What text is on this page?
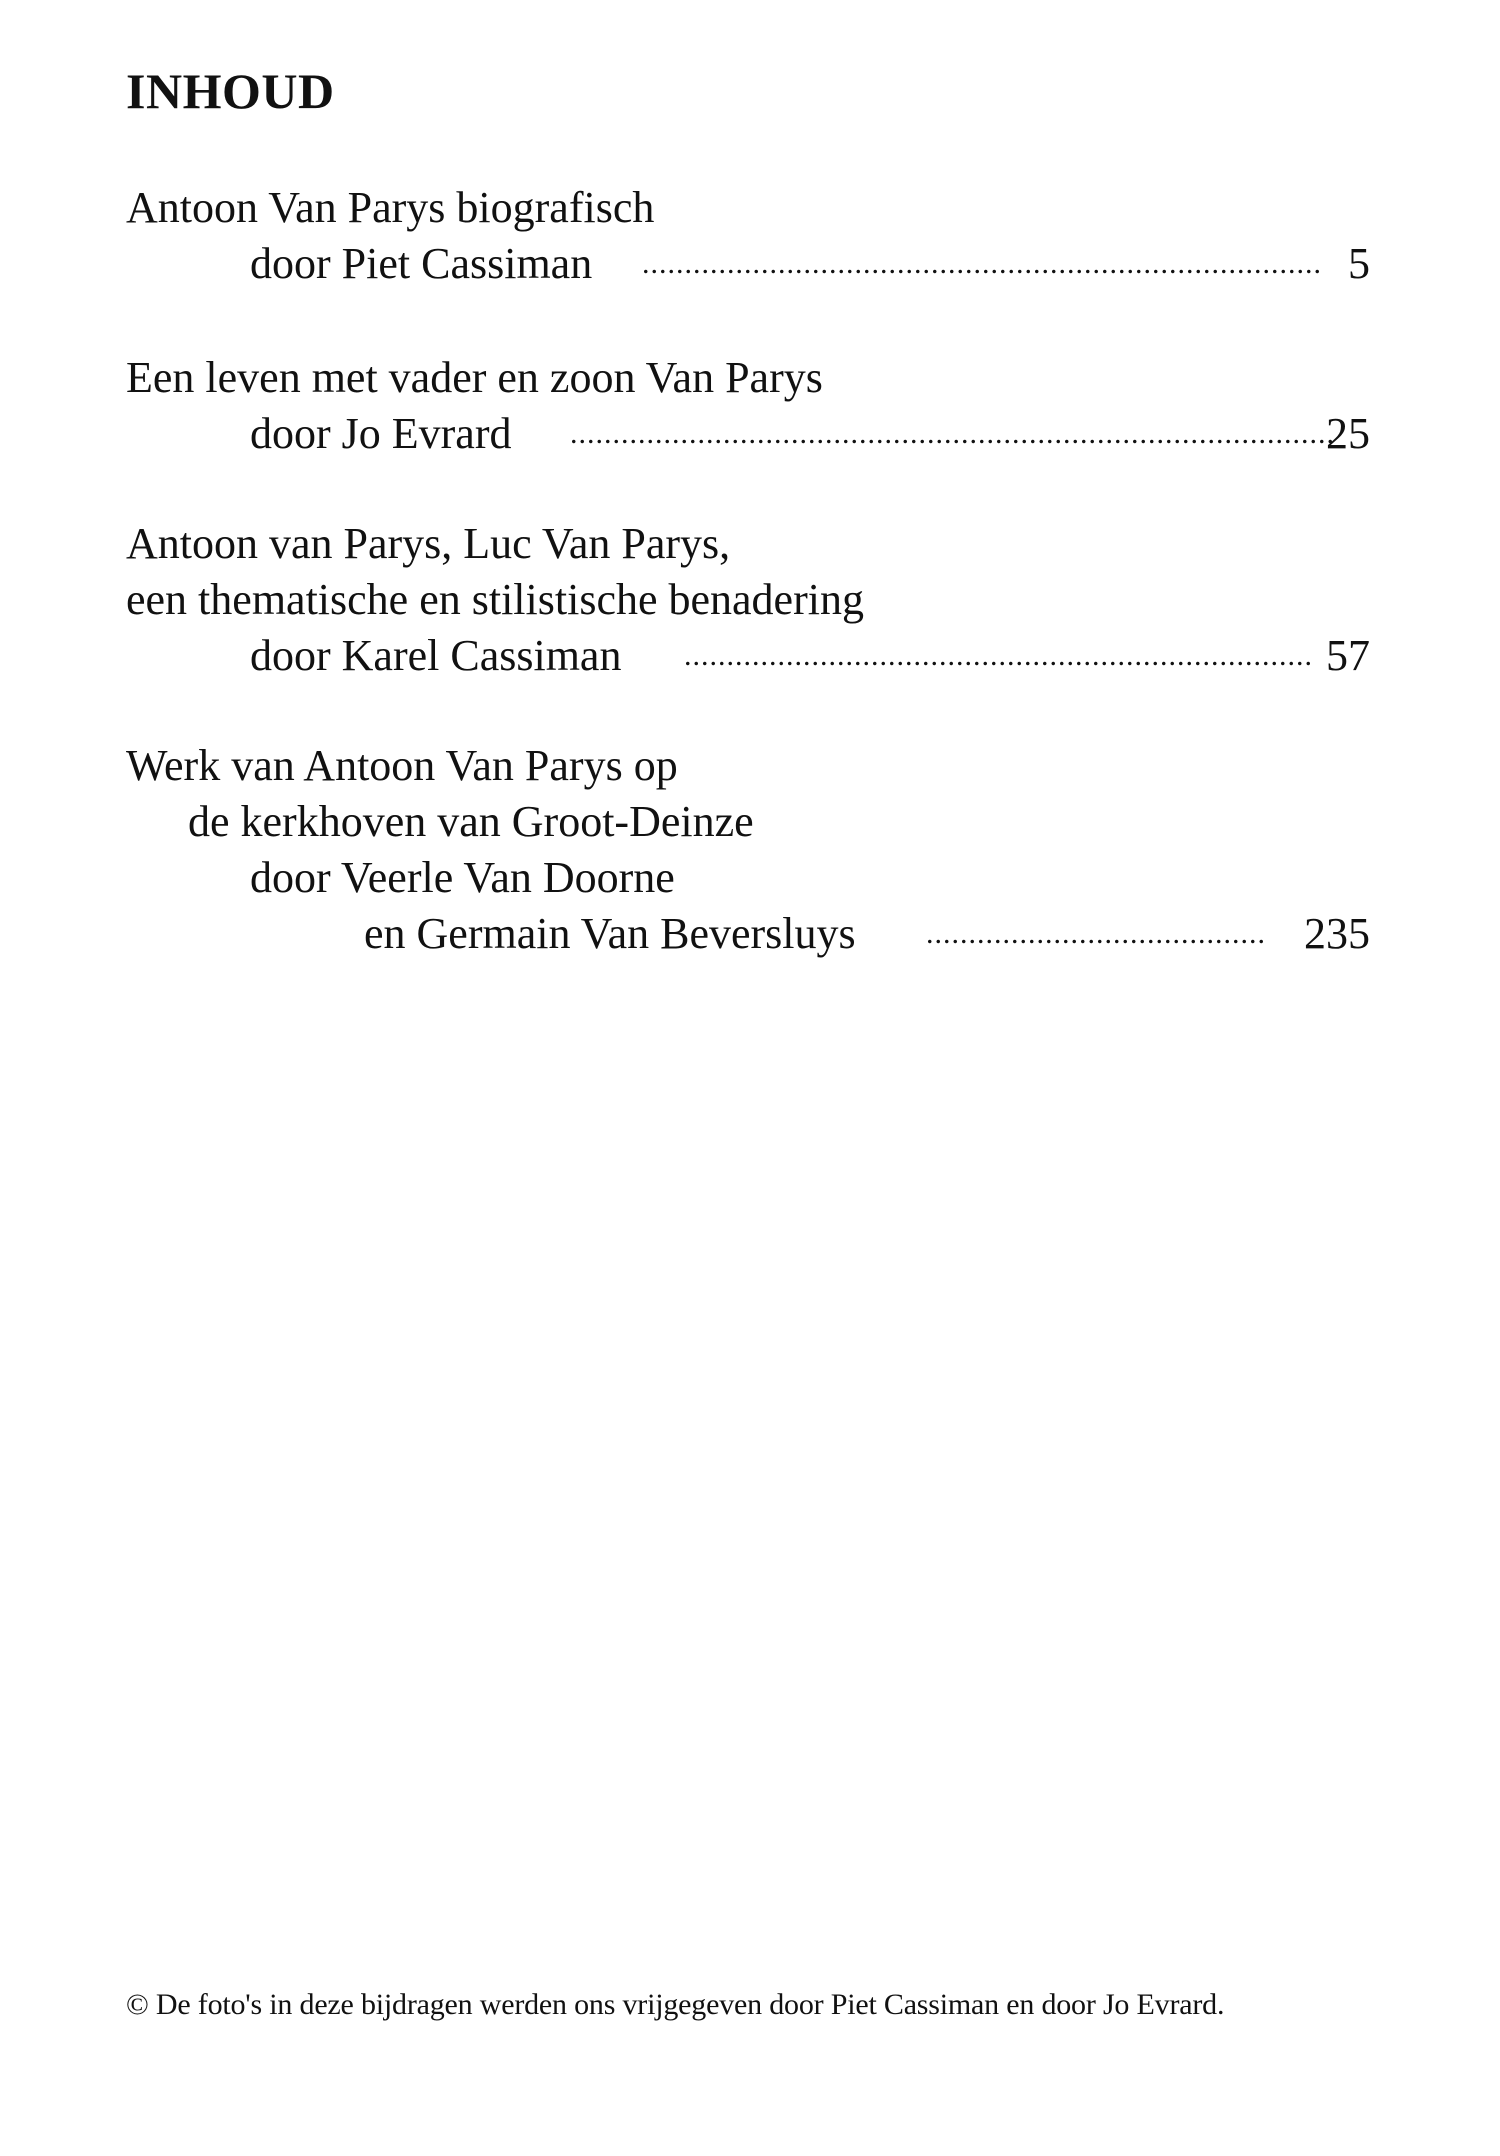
INHOUD
Antoon Van Parys biografisch
door Piet Cassiman ................................................................................ 5
Een leven met vader en zoon Van Parys
door Jo Evrard ..........................................................................................
25
Antoon van Parys, Luc Van Parys,
een thematische en stilistische benadering
door Karel Cassiman .......................................................................... 57
Werk van Antoon Van Parys op
de kerkhoven van Groot-Deinze
door Veerle Van Doorne
en Germain Van Beversluys ........................................ 235
© De foto's in deze bijdragen werden ons vrijgegeven door Piet Cassiman en door Jo Evrard.
